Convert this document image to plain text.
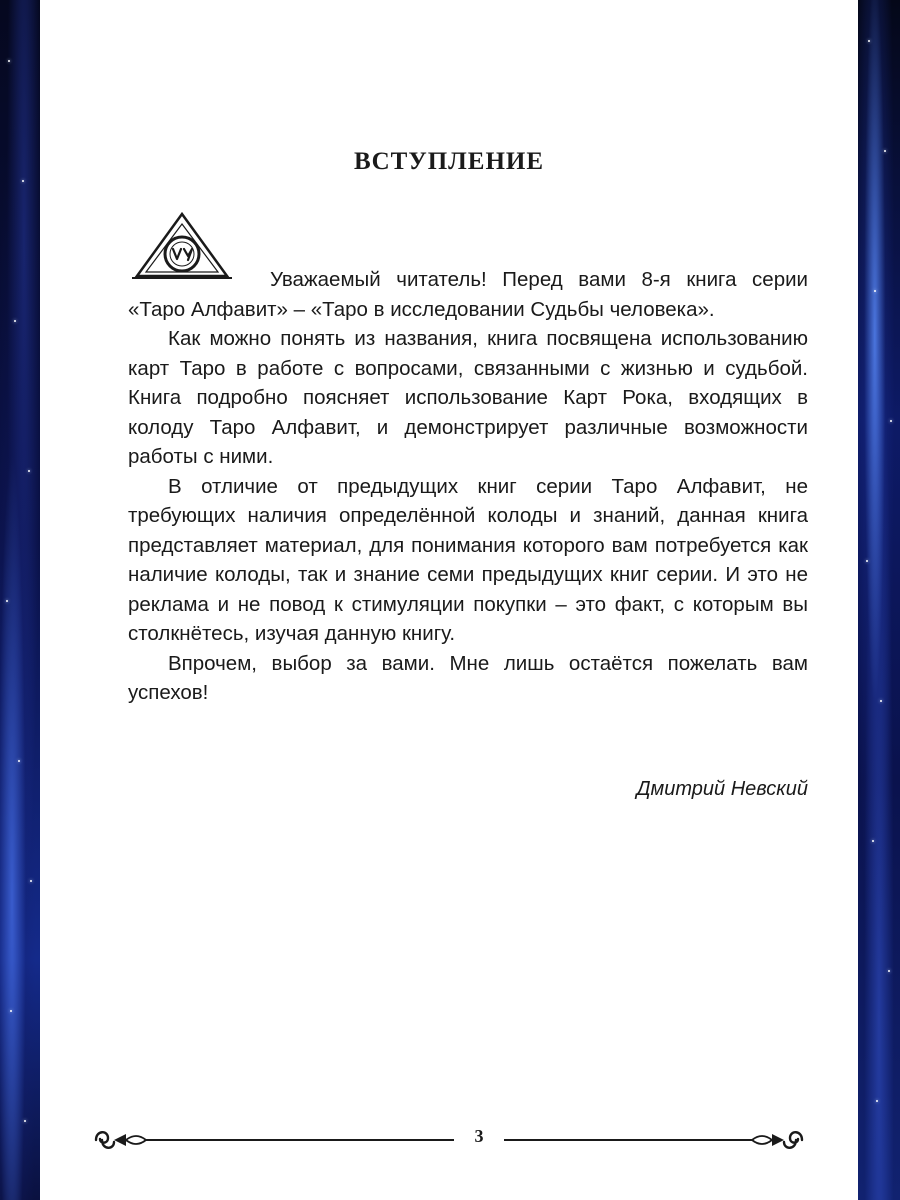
ВСТУПЛЕНИЕ

Уважаемый читатель! Перед вами 8-я книга серии «Таро Алфавит» – «Таро в исследовании Судьбы человека».

Как можно понять из названия, книга посвящена использованию карт Таро в работе с вопросами, связанными с жизнью и судьбой. Книга подробно поясняет использование Карт Рока, входящих в колоду Таро Алфавит, и демонстрирует различные возможности работы с ними.

В отличие от предыдущих книг серии Таро Алфавит, не требующих наличия определённой колоды и знаний, данная книга представляет материал, для понимания которого вам потребуется как наличие колоды, так и знание семи предыдущих книг серии. И это не реклама и не повод к стимуляции покупки – это факт, с которым вы столкнётесь, изучая данную книгу.

Впрочем, выбор за вами. Мне лишь остаётся пожелать вам успехов!

Дмитрий Невский
3
